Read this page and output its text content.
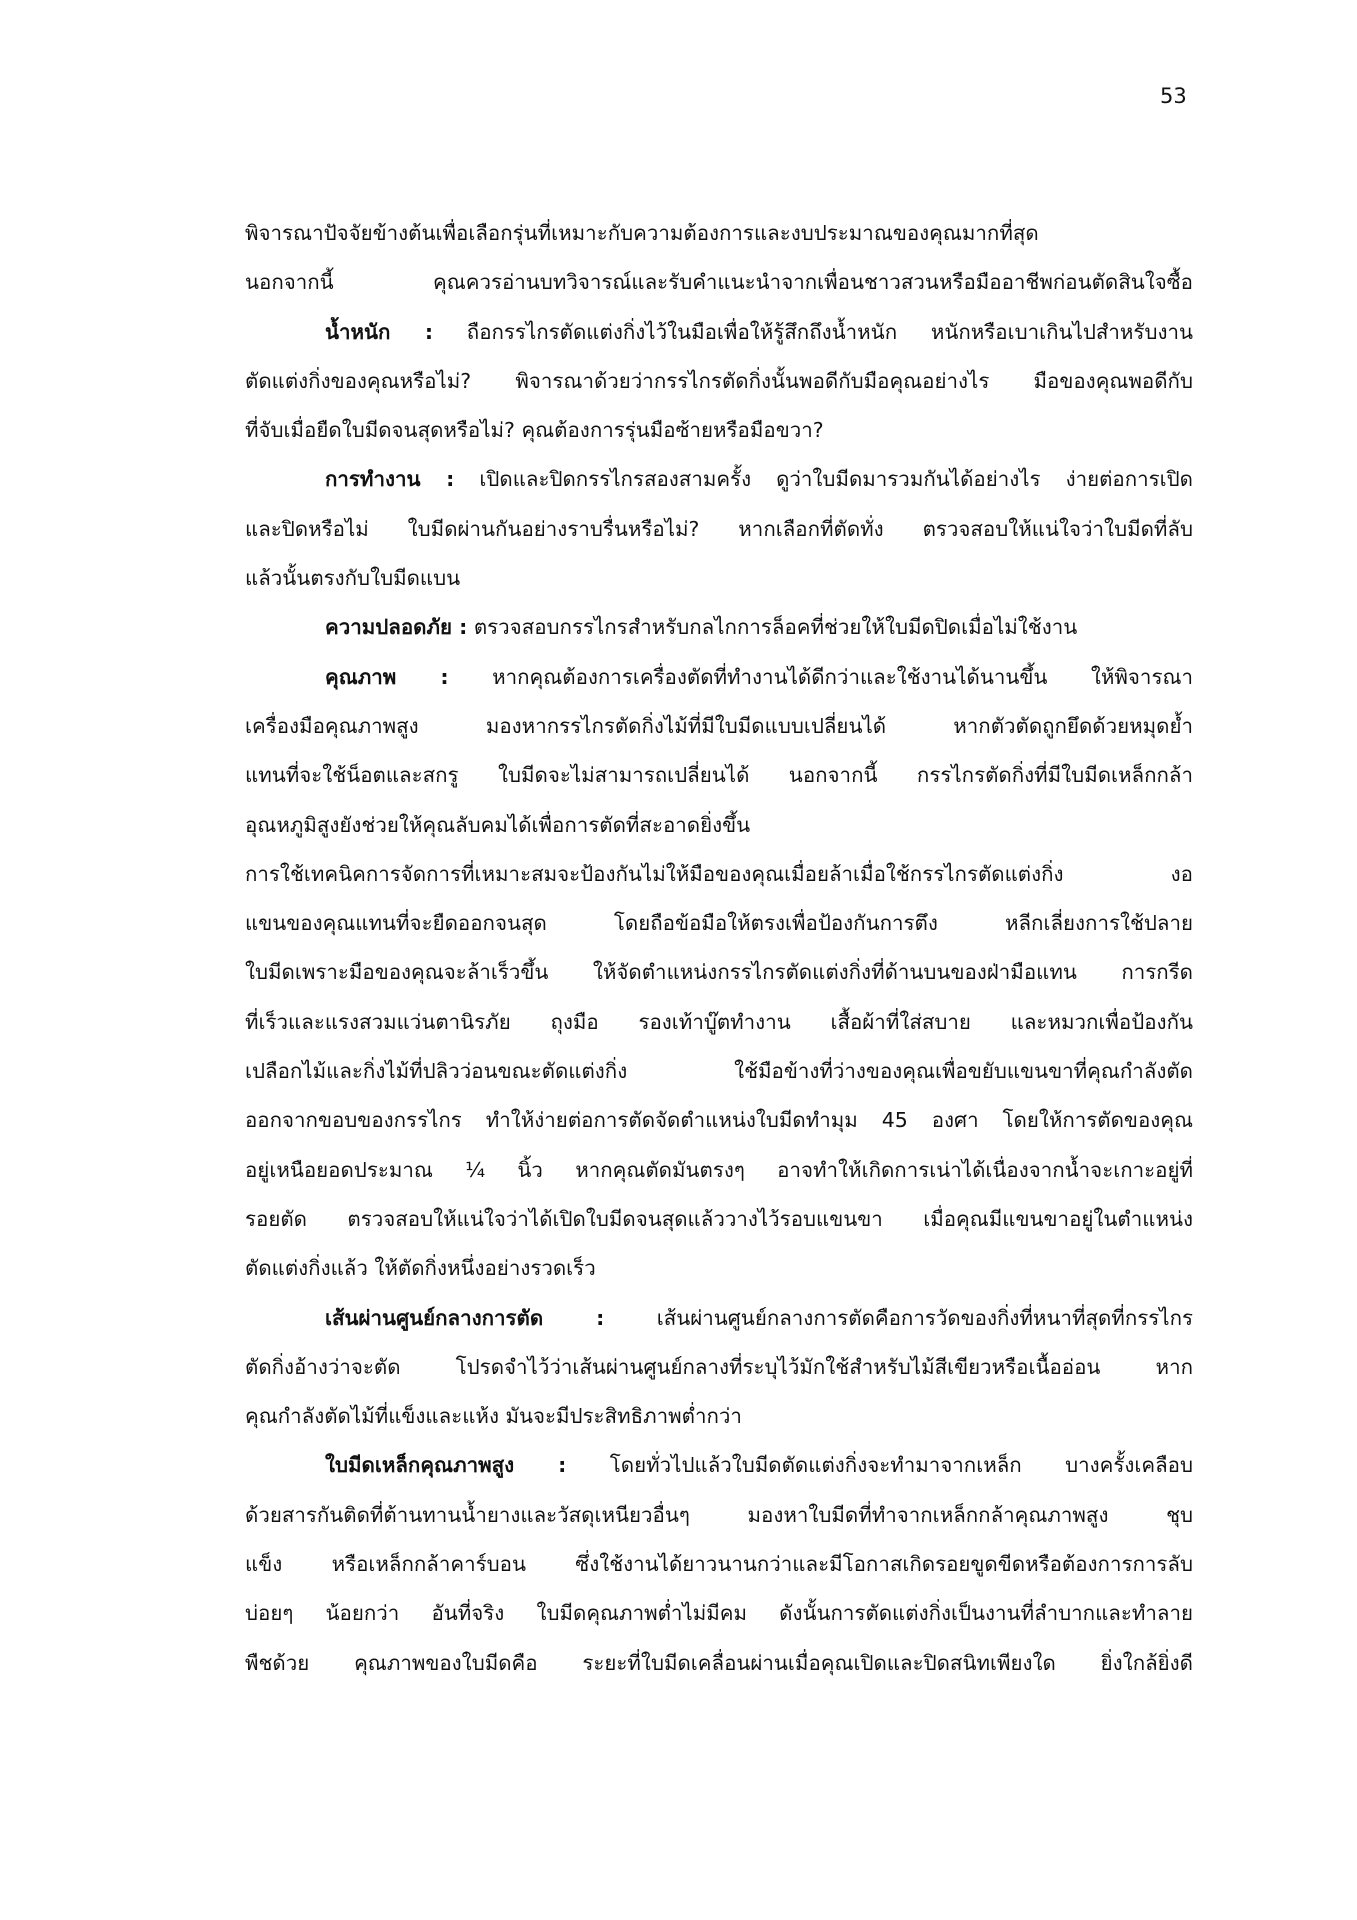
53
พิจารณาปัจจัยข้างต้นเพื่อเลือกรุ่นที่เหมาะกับความต้องการและงบประมาณของคุณมากที่สุด
นอกจากนี้ คุณควรอ่านบทวิจารณ์และรับคำแนะนำจากเพื่อนชาวสวนหรือมืออาชีพก่อนตัดสินใจซื้อ
น้ำหนัก : ถือกรรไกรตัดแต่งกิ่งไว้ในมือเพื่อให้รู้สึกถึงน้ำหนัก หนักหรือเบาเกินไปสำหรับงาน
ตัดแต่งกิ่งของคุณหรือไม่? พิจารณาด้วยว่ากรรไกรตัดกิ่งนั้นพอดีกับมือคุณอย่างไร มือของคุณพอดีกับ
ที่จับเมื่อยืดใบมีดจนสุดหรือไม่? คุณต้องการรุ่นมือซ้ายหรือมือขวา?
การทำงาน : เปิดและปิดกรรไกรสองสามครั้ง ดูว่าใบมีดมารวมกันได้อย่างไร ง่ายต่อการเปิด
และปิดหรือไม่ ใบมีดผ่านกันอย่างราบรื่นหรือไม่? หากเลือกที่ตัดทั่ง ตรวจสอบให้แน่ใจว่าใบมีดที่ลับ
แล้วนั้นตรงกับใบมีดแบน
ความปลอดภัย : ตรวจสอบกรรไกรสำหรับกลไกการล็อคที่ช่วยให้ใบมีดปิดเมื่อไม่ใช้งาน
คุณภาพ : หากคุณต้องการเครื่องตัดที่ทำงานได้ดีกว่าและใช้งานได้นานขึ้น ให้พิจารณา
เครื่องมือคุณภาพสูง มองหากรรไกรตัดกิ่งไม้ที่มีใบมีดแบบเปลี่ยนได้ หากตัวตัดถูกยึดด้วยหมุดย้ำ
แทนที่จะใช้น็อตและสกรู ใบมีดจะไม่สามารถเปลี่ยนได้ นอกจากนี้ กรรไกรตัดกิ่งที่มีใบมีดเหล็กกล้า
อุณหภูมิสูงยังช่วยให้คุณลับคมได้เพื่อการตัดที่สะอาดยิ่งขึ้น
การใช้เทคนิคการจัดการที่เหมาะสมจะป้องกันไม่ให้มือของคุณเมื่อยล้าเมื่อใช้กรรไกรตัดแต่งกิ่ง งอ
แขนของคุณแทนที่จะยืดออกจนสุด โดยถือข้อมือให้ตรงเพื่อป้องกันการตึง หลีกเลี่ยงการใช้ปลาย
ใบมีดเพราะมือของคุณจะล้าเร็วขึ้น ให้จัดตำแหน่งกรรไกรตัดแต่งกิ่งที่ด้านบนของฝ่ามือแทน การกรีด
ที่เร็วและแรงสวมแว่นตานิรภัย ถุงมือ รองเท้าบู๊ตทำงาน เสื้อผ้าที่ใส่สบาย และหมวกเพื่อป้องกัน
เปลือกไม้และกิ่งไม้ที่ปลิวว่อนขณะตัดแต่งกิ่ง ใช้มือข้างที่ว่างของคุณเพื่อขยับแขนขาที่คุณกำลังตัด
ออกจากขอบของกรรไกร ทำให้ง่ายต่อการตัดจัดตำแหน่งใบมีดทำมุม 45 องศา โดยให้การตัดของคุณ
อยู่เหนือยอดประมาณ ¼ นิ้ว หากคุณตัดมันตรงๆ อาจทำให้เกิดการเน่าได้เนื่องจากน้ำจะเกาะอยู่ที่
รอยตัด ตรวจสอบให้แน่ใจว่าได้เปิดใบมีดจนสุดแล้ววางไว้รอบแขนขา เมื่อคุณมีแขนขาอยู่ในตำแหน่ง
ตัดแต่งกิ่งแล้ว ให้ตัดกิ่งหนึ่งอย่างรวดเร็ว
เส้นผ่านศูนย์กลางการตัด :	เส้นผ่านศูนย์กลางการตัดคือการวัดของกิ่งที่หนาที่สุดที่กรรไกร
ตัดกิ่งอ้างว่าจะตัด โปรดจำไว้ว่าเส้นผ่านศูนย์กลางที่ระบุไว้มักใช้สำหรับไม้สีเขียวหรือเนื้ออ่อน หาก
คุณกำลังตัดไม้ที่แข็งและแห้ง มันจะมีประสิทธิภาพต่ำกว่า
ใบมีดเหล็กคุณภาพสูง : โดยทั่วไปแล้วใบมีดตัดแต่งกิ่งจะทำมาจากเหล็ก บางครั้งเคลือบ
ด้วยสารกันติดที่ต้านทานน้ำยางและวัสดุเหนียวอื่นๆ มองหาใบมีดที่ทำจากเหล็กกล้าคุณภาพสูง ชุบ
แข็ง หรือเหล็กกล้าคาร์บอน ซึ่งใช้งานได้ยาวนานกว่าและมีโอกาสเกิดรอยขูดขีดหรือต้องการการลับ
บ่อยๆ น้อยกว่า อันที่จริง ใบมีดคุณภาพต่ำไม่มีคม ดังนั้นการตัดแต่งกิ่งเป็นงานที่ลำบากและทำลาย
พืชด้วย คุณภาพของใบมีดคือ ระยะที่ใบมีดเคลื่อนผ่านเมื่อคุณเปิดและปิดสนิทเพียงใด ยิ่งใกล้ยิ่งดี
